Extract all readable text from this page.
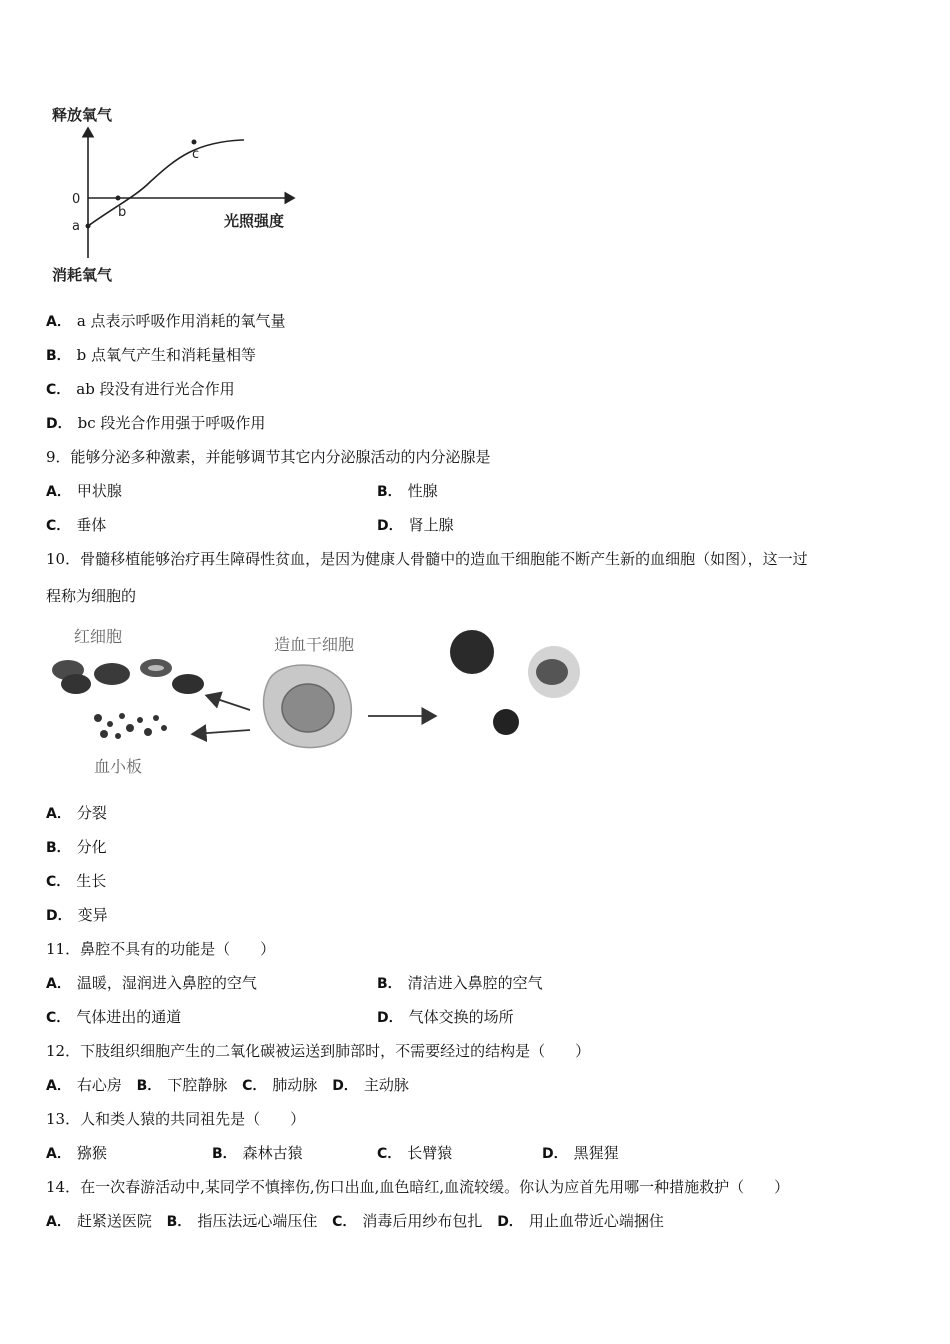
释放氧气
0
a
b
c
光照强度
消耗氧气
A． a 点表示呼吸作用消耗的氧气量
B． b 点氧气产生和消耗量相等
C． ab 段没有进行光合作用
D． bc 段光合作用强于呼吸作用
9．能够分泌多种激素，并能够调节其它内分泌腺活动的内分泌腺是
A． 甲状腺	B． 性腺
C． 垂体	D． 肾上腺
10．骨髓移植能够治疗再生障碍性贫血，是因为健康人骨髓中的造血干细胞能不断产生新的血细胞（如图），这一过
程称为细胞的
红细胞
血小板
造血干细胞
A． 分裂
B． 分化
C． 生长
D． 变异
11．鼻腔不具有的功能是（　　）
A． 温暖，湿润进入鼻腔的空气	B． 清洁进入鼻腔的空气
C． 气体进出的通道	D． 气体交换的场所
12．下肢组织细胞产生的二氧化碳被运送到肺部时，不需要经过的结构是（　　）
A． 右心房 B． 下腔静脉 C． 肺动脉 D． 主动脉
13．人和类人猿的共同祖先是（　　）
A． 猕猴	B． 森林古猿	C． 长臂猿	D． 黑猩猩
14．在一次春游活动中,某同学不慎摔伤,伤口出血,血色暗红,血流较缓。你认为应首先用哪一种措施救护（　　）
A． 赶紧送医院 B． 指压法远心端压住 C． 消毒后用纱布包扎 D． 用止血带近心端捆住
